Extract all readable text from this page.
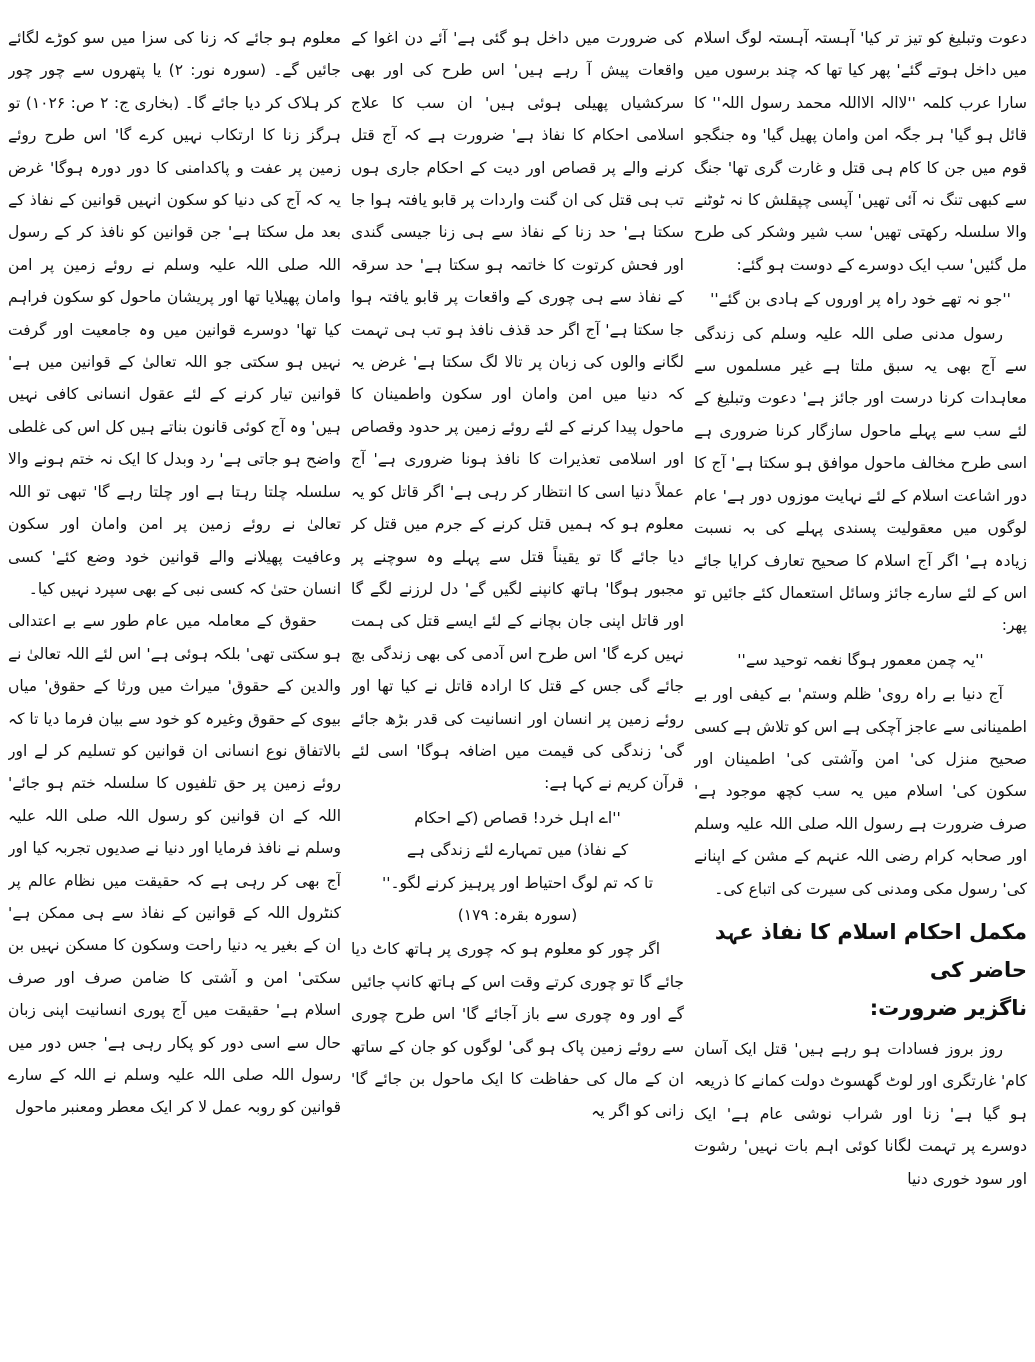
دعوت وتبلیغ کو تیز تر کیا' آہستہ آہستہ لوگ اسلام میں داخل ہوتے گئے' پھر کیا تھا کہ چند برسوں میں سارا عرب کلمہ ''لاالہ الااللہ محمد رسول اللہ'' کا قائل ہو گیا' ہر جگہ امن وامان پھیل گیا' وہ جنگجو قوم میں جن کا کام ہی قتل و غارت گری تھا' جنگ سے کبھی تنگ نہ آئی تھیں' آپسی چپقلش کا نہ ٹوٹنے والا سلسلہ رکھتی تھیں' سب شیر وشکر کی طرح مل گئیں' سب ایک دوسرے کے دوست ہو گئے:

''جو نہ تھے خود راہ پر اوروں کے ہادی بن گئے''

رسول مدنی صلی اللہ علیہ وسلم کی زندگی سے آج بھی یہ سبق ملتا ہے غیر مسلموں سے معاہدات کرنا درست اور جائز ہے' دعوت وتبلیغ کے لئے سب سے پہلے ماحول سازگار کرنا ضروری ہے اسی طرح مخالف ماحول موافق ہو سکتا ہے' آج کا دور اشاعت اسلام کے لئے نہایت موزوں دور ہے' عام لوگوں میں معقولیت پسندی پہلے کی بہ نسبت زیادہ ہے' اگر آج اسلام کا صحیح تعارف کرایا جائے اس کے لئے سارے جائز وسائل استعمال کئے جائیں تو پھر:

''یہ چمن معمور ہوگا نغمہ توحید سے''

آج دنیا بے راہ روی' ظلم وستم' بے کیفی اور بے اطمینانی سے عاجز آچکی ہے اس کو تلاش ہے کسی صحیح منزل کی' امن وآشتی کی' اطمینان اور سکون کی' اسلام میں یہ سب کچھ موجود ہے' صرف ضرورت ہے رسول اللہ صلی اللہ علیہ وسلم اور صحابہ کرام رضی اللہ عنہم کے مشن کے اپنانے کی' رسول مکی ومدنی کی سیرت کی اتباع کی۔

مکمل احکام اسلام کا نفاذ عہد حاضر کی
ناگزیر ضرورت:

روز بروز فسادات ہو رہے ہیں' قتل ایک آسان کام' غارتگری اور لوٹ گھسوٹ دولت کمانے کا ذریعہ ہو گیا ہے' زنا اور شراب نوشی عام ہے' ایک دوسرے پر تہمت لگانا کوئی اہم بات نہیں' رشوت اور سود خوری دنیا

کی ضرورت میں داخل ہو گئی ہے' آئے دن اغوا کے واقعات پیش آ رہے ہیں' اس طرح کی اور بھی سرکشیاں پھیلی ہوئی ہیں' ان سب کا علاج اسلامی احکام کا نفاذ ہے' ضرورت ہے کہ آج قتل کرنے والے پر قصاص اور دیت کے احکام جاری ہوں تب ہی قتل کی ان گنت واردات پر قابو یافتہ ہوا جا سکتا ہے' حد زنا کے نفاذ سے ہی زنا جیسی گندی اور فحش کرتوت کا خاتمہ ہو سکتا ہے' حد سرقہ کے نفاذ سے ہی چوری کے واقعات پر قابو یافتہ ہوا جا سکتا ہے' آج اگر حد قذف نافذ ہو تب ہی تہمت لگانے والوں کی زبان پر تالا لگ سکتا ہے' غرض یہ کہ دنیا میں امن وامان اور سکون واطمینان کا ماحول پیدا کرنے کے لئے روئے زمین پر حدود وقصاص اور اسلامی تعذیرات کا نافذ ہونا ضروری ہے' آج عملاً دنیا اسی کا انتظار کر رہی ہے' اگر قاتل کو یہ معلوم ہو کہ ہمیں قتل کرنے کے جرم میں قتل کر دیا جائے گا تو یقیناً قتل سے پہلے وہ سوچنے پر مجبور ہوگا' ہاتھ کانپنے لگیں گے' دل لرزنے لگے گا اور قاتل اپنی جان بچانے کے لئے ایسے قتل کی ہمت نہیں کرے گا' اس طرح اس آدمی کی بھی زندگی بچ جائے گی جس کے قتل کا ارادہ قاتل نے کیا تھا اور روئے زمین پر انسان اور انسانیت کی قدر بڑھ جائے گی' زندگی کی قیمت میں اضافہ ہوگا' اسی لئے قرآن کریم نے کہا ہے:

''اے اہل خرد! قصاص (کے احکام
کے نفاذ) میں تمہارے لئے زندگی ہے
تا کہ تم لوگ احتیاط اور پرہیز کرنے لگو۔''
(سورہ بقرہ: ۱۷۹)

اگر چور کو معلوم ہو کہ چوری پر ہاتھ کاٹ دیا جائے گا تو چوری کرتے وقت اس کے ہاتھ کانپ جائیں گے اور وہ چوری سے باز آجائے گا' اس طرح چوری سے روئے زمین پاک ہو گی' لوگوں کو جان کے ساتھ ان کے مال کی حفاظت کا ایک ماحول بن جائے گا' زانی کو اگر یہ

معلوم ہو جائے کہ زنا کی سزا میں سو کوڑے لگائے جائیں گے۔ (سورہ نور: ۲) یا پتھروں سے چور چور کر ہلاک کر دیا جائے گا۔ (بخاری ج: ۲ ص: ۱۰۲۶) تو ہرگز زنا کا ارتکاب نہیں کرے گا' اس طرح روئے زمین پر عفت و پاکدامنی کا دور دورہ ہوگا' غرض یہ کہ آج کی دنیا کو سکون انہیں قوانین کے نفاذ کے بعد مل سکتا ہے' جن قوانین کو نافذ کر کے رسول اللہ صلی اللہ علیہ وسلم نے روئے زمین پر امن وامان پھیلایا تھا اور پریشان ماحول کو سکون فراہم کیا تھا' دوسرے قوانین میں وہ جامعیت اور گرفت نہیں ہو سکتی جو اللہ تعالیٰ کے قوانین میں ہے' قوانین تیار کرنے کے لئے عقول انسانی کافی نہیں ہیں' وہ آج کوئی قانون بناتے ہیں کل اس کی غلطی واضح ہو جاتی ہے' رد وبدل کا ایک نہ ختم ہونے والا سلسلہ چلتا رہتا ہے اور چلتا رہے گا' تبھی تو اللہ تعالیٰ نے روئے زمین پر امن وامان اور سکون وعافیت پھیلانے والے قوانین خود وضع کئے' کسی انسان حتیٰ کہ کسی نبی کے بھی سپرد نہیں کیا۔

حقوق کے معاملہ میں عام طور سے بے اعتدالی ہو سکتی تھی' بلکہ ہوئی ہے' اس لئے اللہ تعالیٰ نے والدین کے حقوق' میراث میں ورثا کے حقوق' میاں بیوی کے حقوق وغیرہ کو خود سے بیان فرما دیا تا کہ بالاتفاق نوع انسانی ان قوانین کو تسلیم کر لے اور روئے زمین پر حق تلفیوں کا سلسلہ ختم ہو جائے' اللہ کے ان قوانین کو رسول اللہ صلی اللہ علیہ وسلم نے نافذ فرمایا اور دنیا نے صدیوں تجربہ کیا اور آج بھی کر رہی ہے کہ حقیقت میں نظام عالم پر کنٹرول اللہ کے قوانین کے نفاذ سے ہی ممکن ہے' ان کے بغیر یہ دنیا راحت وسکون کا مسکن نہیں بن سکتی' امن و آشتی کا ضامن صرف اور صرف اسلام ہے' حقیقت میں آج پوری انسانیت اپنی زبان حال سے اسی دور کو پکار رہی ہے' جس دور میں رسول اللہ صلی اللہ علیہ وسلم نے اللہ کے سارے قوانین کو روبہ عمل لا کر ایک معطر ومعنبر ماحول
